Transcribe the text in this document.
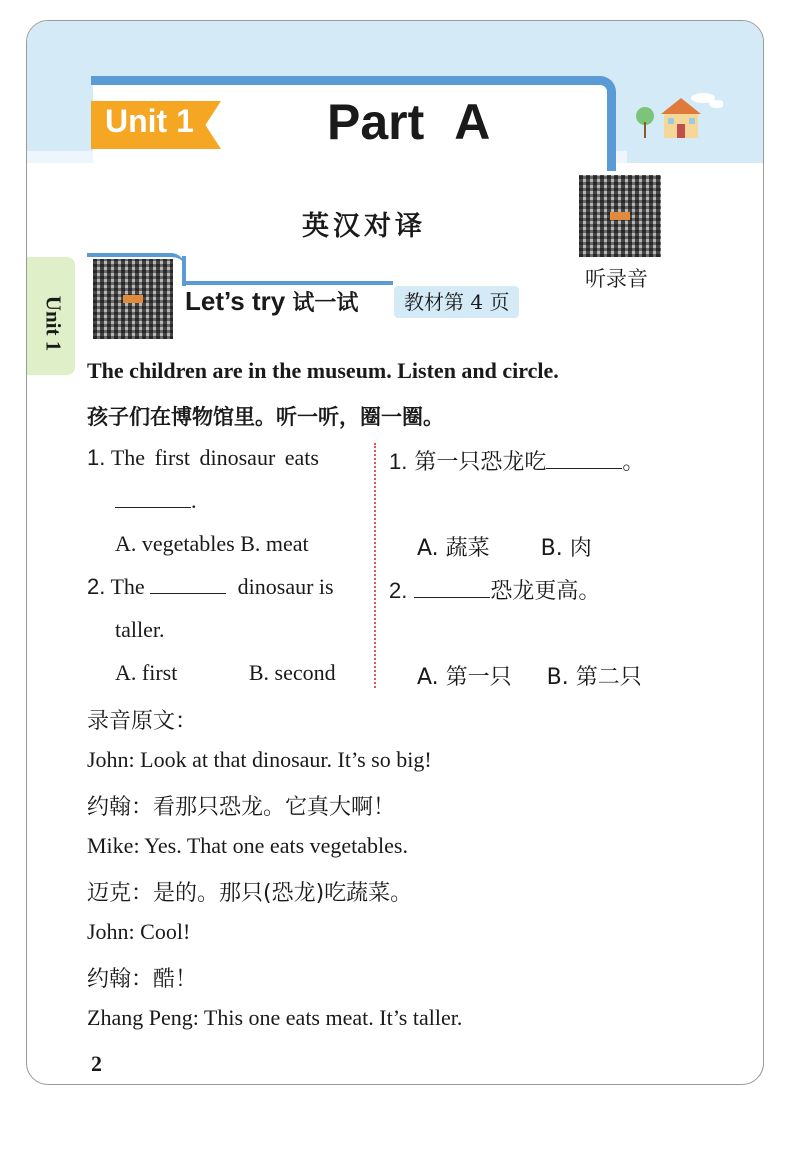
Unit 1	Part A
英汉对译
听录音
Unit 1	Let’s try 试一试	教材第 4 页
The children are in the museum. Listen and circle.
孩子们在博物馆里。听一听，圈一圈。
1. The first dinosaur eats
.
A. vegetables B. meat
2. The	dinosaur is
taller.
A. first	B. second
1. 第一只恐龙吃	。
A. 蔬菜 B. 肉
2.	恐龙更高。
A. 第一只 B. 第二只
录音原文：
John: Look at that dinosaur. It’s so big!
约翰：看那只恐龙。它真大啊！
Mike: Yes. That one eats vegetables.
迈克：是的。那只(恐龙)吃蔬菜。
John: Cool!
约翰：酷！
Zhang Peng: This one eats meat. It’s taller.
2
